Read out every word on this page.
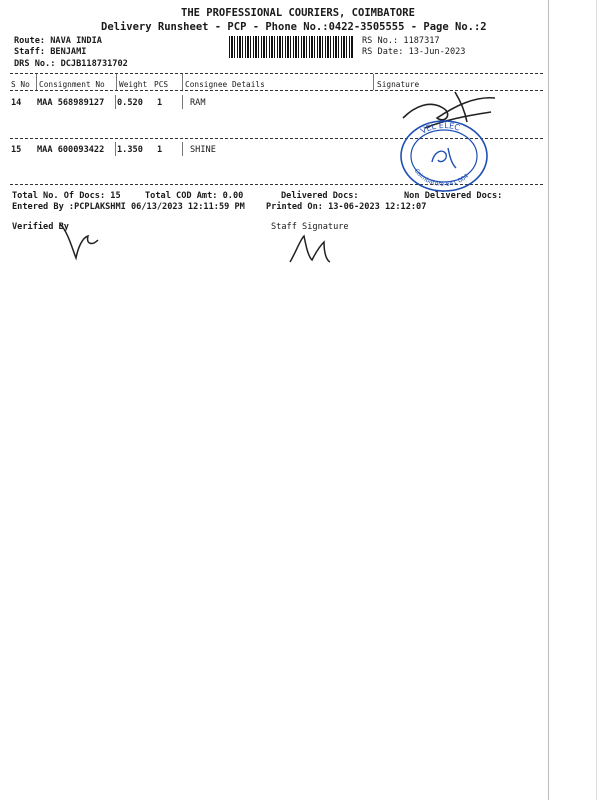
THE PROFESSIONAL COURIERS, COIMBATORE
Delivery Runsheet - PCP - Phone No.:0422-3505555 - Page No.:2
Route: NAVA INDIA
Staff: BENJAMI
DRS No.: DCJB118731702
RS No.: 1187317
RS Date: 13-Jun-2023
S No Consignment No Weight PCS Consignee Details	Signature
14 MAA 568989127 0.520 1	RAM
15 MAA 600093422 1.350 1	SHINE
Total No. Of Docs: 15	Total COD Amt: 0.00	Delivered Docs:	Non Delivered Docs:
Entered By :PCPLAKSHMI 06/13/2023 12:11:59 PM Printed On: 13-06-2023 12:12:07
Verified By	Staff Signature
VEL ELEC
Coimbatore-641 004
